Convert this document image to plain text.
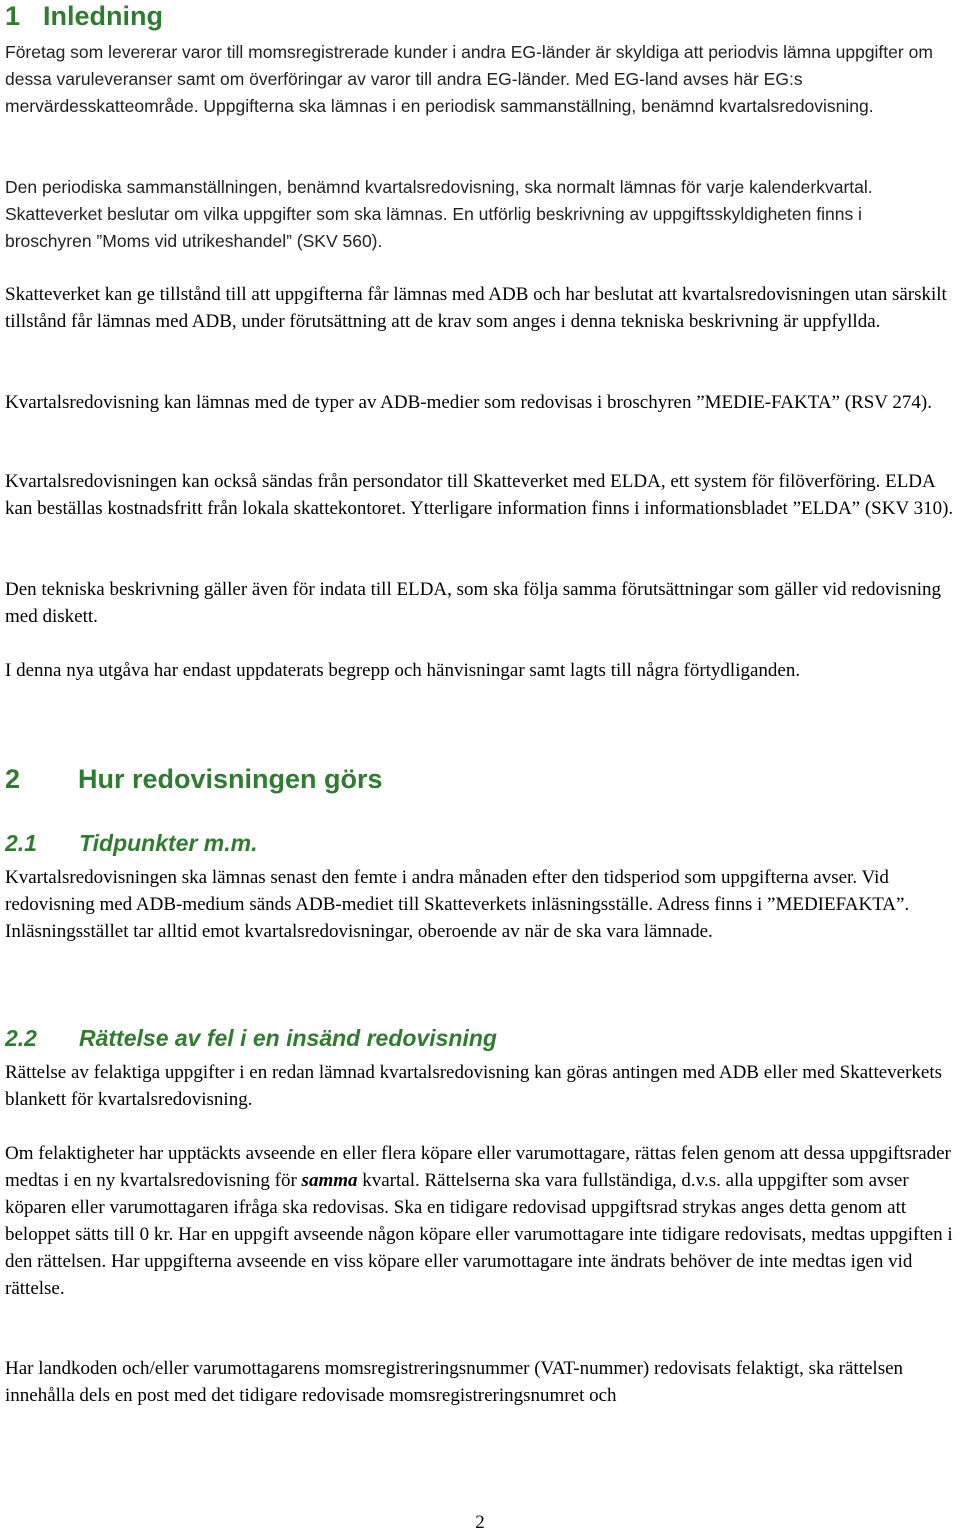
1 Inledning

Företag som levererar varor till momsregistrerade kunder i andra EG-länder är skyldiga att periodvis lämna uppgifter om dessa varuleveranser samt om överföringar av varor till andra EG-länder. Med EG-land avses här EG:s mervärdesskatteområde. Uppgifterna ska lämnas i en periodisk sammanställning, benämnd kvartalsredovisning.

Den periodiska sammanställningen, benämnd kvartalsredovisning, ska normalt lämnas för varje kalenderkvartal. Skatteverket beslutar om vilka uppgifter som ska lämnas. En utförlig beskrivning av uppgiftsskyldigheten finns i broschyren ”Moms vid utrikeshandel” (SKV 560).

Skatteverket kan ge tillstånd till att uppgifterna får lämnas med ADB och har beslutat att kvartalsredovisningen utan särskilt tillstånd får lämnas med ADB, under förutsättning att de krav som anges i denna tekniska beskrivning är uppfyllda.

Kvartalsredovisning kan lämnas med de typer av ADB-medier som redovisas i broschyren ”MEDIE-FAKTA” (RSV 274).

Kvartalsredovisningen kan också sändas från persondator till Skatteverket med ELDA, ett system för filöverföring. ELDA kan beställas kostnadsfritt från lokala skattekontoret. Ytterligare information finns i informationsbladet ”ELDA” (SKV 310).

Den tekniska beskrivning gäller även för indata till ELDA, som ska följa samma förutsättningar som gäller vid redovisning med diskett.

I denna nya utgåva har endast uppdaterats begrepp och hänvisningar samt lagts till några förtydliganden.

2	Hur redovisningen görs
2.1	Tidpunkter m.m.

Kvartalsredovisningen ska lämnas senast den femte i andra månaden efter den tidsperiod som uppgifterna avser. Vid redovisning med ADB-medium sänds ADB-mediet till Skatteverkets inläsningsställe. Adress finns i ”MEDIEFAKTA”. Inläsningsstället tar alltid emot kvartalsredovisningar, oberoende av när de ska vara lämnade.

2.2	Rättelse av fel i en insänd redovisning

Rättelse av felaktiga uppgifter i en redan lämnad kvartalsredovisning kan göras antingen med ADB eller med Skatteverkets blankett för kvartalsredovisning.

Om felaktigheter har upptäckts avseende en eller flera köpare eller varumottagare, rättas felen genom att dessa uppgiftsrader medtas i en ny kvartalsredovisning för samma kvartal. Rättelserna ska vara fullständiga, d.v.s. alla uppgifter som avser köparen eller varumottagaren ifråga ska redovisas. Ska en tidigare redovisad uppgiftsrad strykas anges detta genom att beloppet sätts till 0 kr. Har en uppgift avseende någon köpare eller varumottagare inte tidigare redovisats, medtas uppgiften i den rättelsen. Har uppgifterna avseende en viss köpare eller varumottagare inte ändrats behöver de inte medtas igen vid rättelse.

Har landkoden och/eller varumottagarens momsregistreringsnummer (VAT-nummer) redovisats felaktigt, ska rättelsen innehålla dels en post med det tidigare redovisade momsregistreringsnumret och

2
